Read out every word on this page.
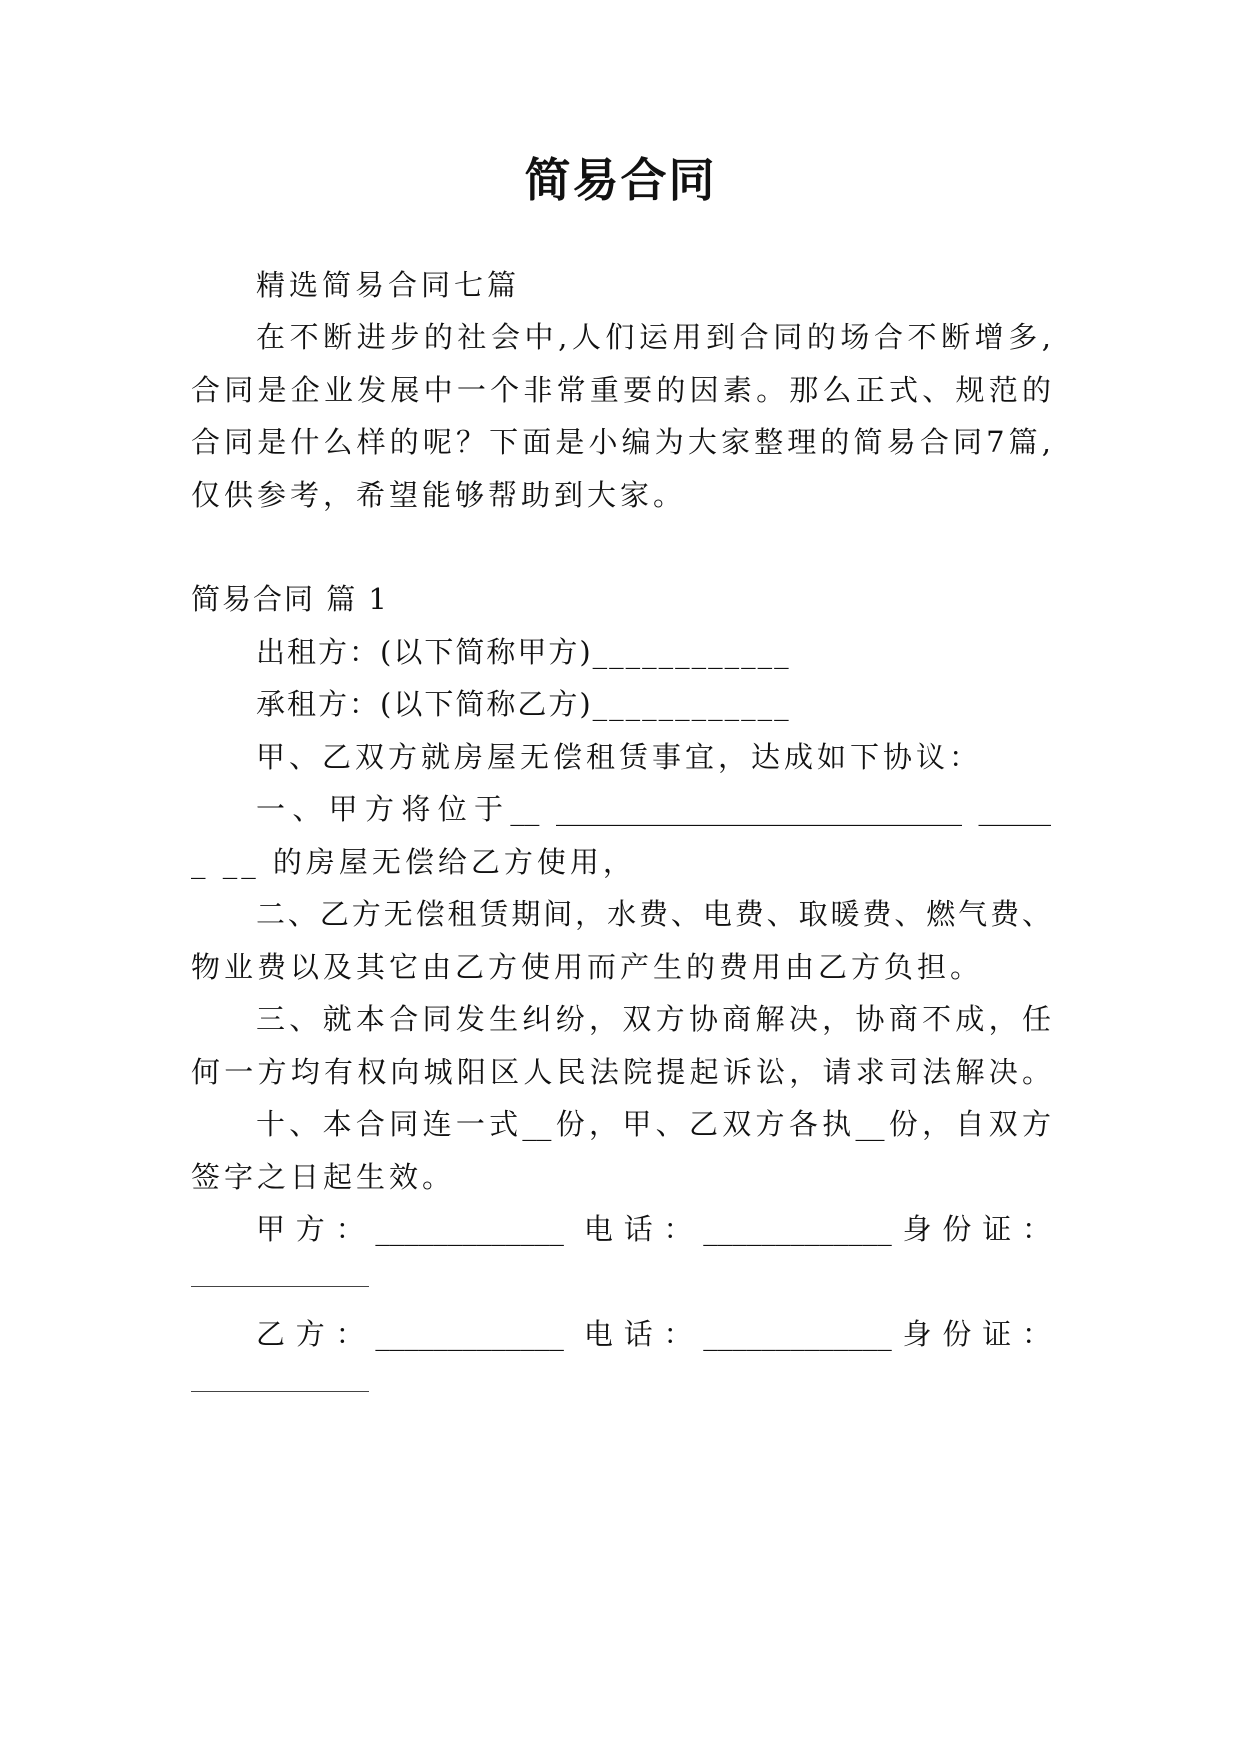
简易合同
精选简易合同七篇
在不断进步的社会中,人们运用到合同的场合不断增多,
合同是企业发展中一个非常重要的因素。那么正式、规范的
合同是什么样的呢？下面是小编为大家整理的简易合同7篇,
仅供参考，希望能够帮助到大家。
简易合同 篇 1
出租方：(以下简称甲方)____________
承租方：(以下简称乙方)____________
甲、乙双方就房屋无偿租赁事宜，达成如下协议：
一、甲方将位于__ ____________________________ _____
_ __ 的房屋无偿给乙方使用，
二、乙方无偿租赁期间，水费、电费、取暖费、燃气费、
物业费以及其它由乙方使用而产生的费用由乙方负担。
三、就本合同发生纠纷，双方协商解决，协商不成，任
何一方均有权向城阳区人民法院提起诉讼，请求司法解决。
十、本合同连一式__份，甲、乙双方各执__份，自双方
签字之日起生效。
甲方：_____________ 电话：_____________身份证：
乙方：_____________ 电话：_____________身份证：
